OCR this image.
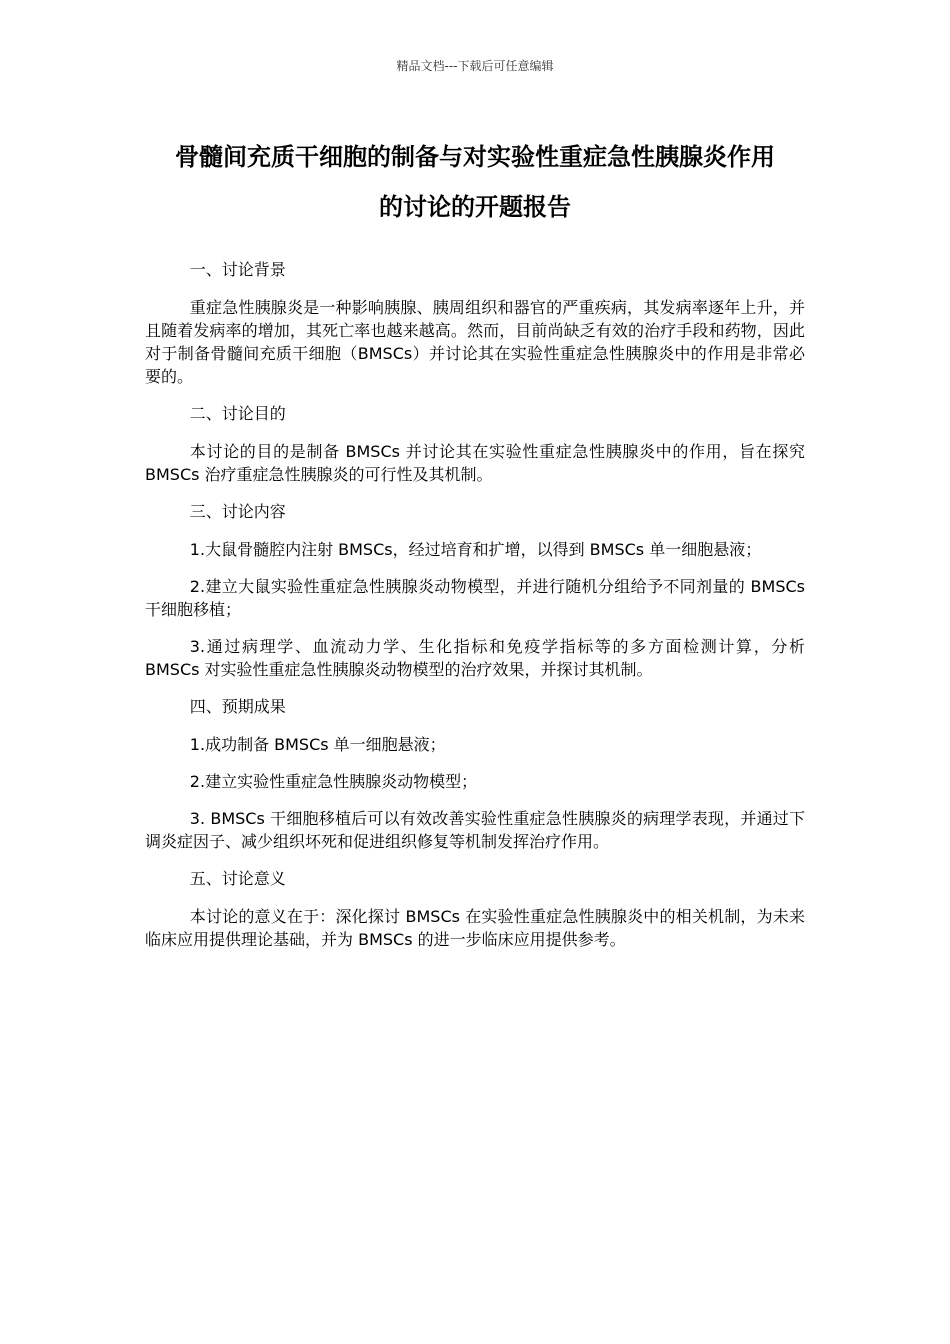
精品文档---下载后可任意编辑
骨髓间充质干细胞的制备与对实验性重症急性胰腺炎作用
的讨论的开题报告

一、讨论背景

重症急性胰腺炎是一种影响胰腺、胰周组织和器官的严重疾病，其发病率逐年上升，并且随着发病率的增加，其死亡率也越来越高。然而，目前尚缺乏有效的治疗手段和药物，因此对于制备骨髓间充质干细胞（BMSCs）并讨论其在实验性重症急性胰腺炎中的作用是非常必要的。

二、讨论目的

本讨论的目的是制备 BMSCs 并讨论其在实验性重症急性胰腺炎中的作用，旨在探究 BMSCs 治疗重症急性胰腺炎的可行性及其机制。

三、讨论内容

1.大鼠骨髓腔内注射 BMSCs，经过培育和扩增，以得到 BMSCs 单一细胞悬液；

2.建立大鼠实验性重症急性胰腺炎动物模型，并进行随机分组给予不同剂量的 BMSCs 干细胞移植；

3.通过病理学、血流动力学、生化指标和免疫学指标等的多方面检测计算，分析 BMSCs 对实验性重症急性胰腺炎动物模型的治疗效果，并探讨其机制。

四、预期成果

1.成功制备 BMSCs 单一细胞悬液；

2.建立实验性重症急性胰腺炎动物模型；

3. BMSCs 干细胞移植后可以有效改善实验性重症急性胰腺炎的病理学表现，并通过下调炎症因子、减少组织坏死和促进组织修复等机制发挥治疗作用。

五、讨论意义

本讨论的意义在于：深化探讨 BMSCs 在实验性重症急性胰腺炎中的相关机制，为未来临床应用提供理论基础，并为 BMSCs 的进一步临床应用提供参考。
